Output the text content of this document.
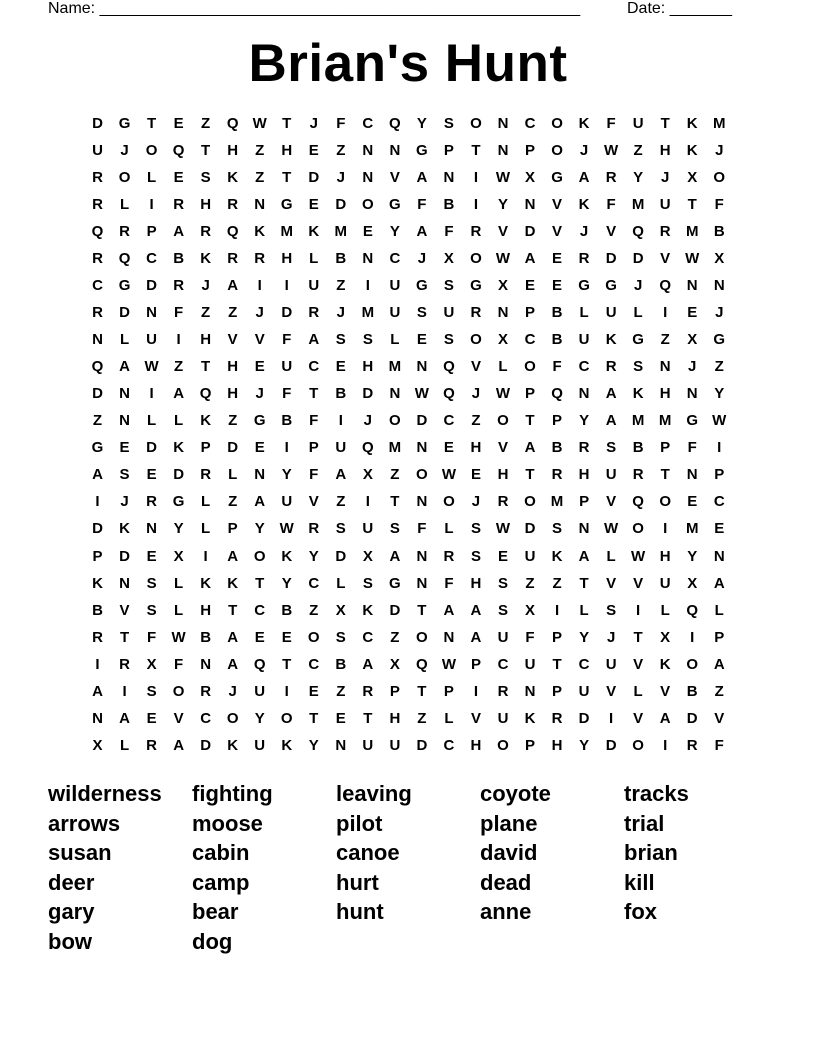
Name: ______________________________________________________	Date: _______
Brian's Hunt
D	G	T	E	Z	Q W	T	J	F	C	Q	Y	S	O	N	C	O	K	F	U	T	K	M
U	J	O	Q	T	H	Z	H	E	Z	N	N	G	P	T	N	P	O	J	W	Z	H	K	J
R	O	L	E	S	K	Z	T	D	J	N	V	A	N	I	W X	G	A	R	Y	J	X	O
R	L	I	R	H	R	N	G	E	D	O	G	F	B	I	Y	N	V	K	F	M	U	T	F
Q	R	P	A	R	Q	K	M	K	M	E	Y	A	F	R	V	D	V	J	V	Q	R	M	B
R	Q	C	B	K	R	R	H	L	B	N	C	J	X	O W A	E	R	D	D	V W X
C	G	D	R	J	A	I	I	U	Z	I	U	G	S	G	X	E	E	G	G	J	Q	N	N
R	D	N	F	Z	Z	J	D	R	J	M	U	S	U	R	N	P	B	L	U	L	I	E	J
N	L	U	I	H	V	V	F	A	S	S	L	E	S	O	X	C	B	U	K	G	Z	X	G
Q	A W	Z	T	H	E	U	C	E	H	M	N	Q	V	L	O	F	C	R	S	N	J	Z
D	N	I	A	Q	H	J	F	T	B	D	N W Q	J	W P	Q	N	A	K	H	N	Y
Z	N	L	L	K	Z	G	B	F	I	J	O	D	C	Z	O	T	P	Y	A	M M G W
G	E	D	K	P	D	E	I	P	U	Q M	N	E	H	V	A	B	R	S	B	P	F	I
A	S	E	D	R	L	N	Y	F	A	X	Z	O W E	H	T	R	H	U	R	T	N	P
I	J	R	G	L	Z	A	U	V	Z	I	T	N	O	J	R	O M	P	V	Q	O	E	C
D	K	N	Y	L	P	Y W R	S	U	S	F	L	S W D	S	N W O	I	M	E
P	D	E	X	I	A	O	K	Y	D	X	A	N	R	S	E	U	K	A	L	W H	Y	N
K	N	S	L	K	K	T	Y	C	L	S	G	N	F	H	S	Z	Z	T	V	V	U	X	A
B	V	S	L	H	T	C	B	Z	X	K	D	T	A	A	S	X	I	L	S	I	L	Q	L
R	T	F	W B	A	E	E	O	S	C	Z	O	N	A	U	F	P	Y	J	T	X	I	P
I	R	X	F	N	A	Q	T	C	B	A	X	Q W P	C	U	T	C	U	V	K	O	A
A	I	S	O	R	J	U	I	E	Z	R	P	T	P	I	R	N	P	U	V	L	V	B	Z
N	A	E	V	C	O	Y	O	T	E	T	H	Z	L	V	U	K	R	D	I	V	A	D	V
X	L	R	A	D	K	U	K	Y	N	U	U	D	C	H	O	P	H	Y	D	O	I	R	F
wilderness fighting	leaving	coyote	tracks
arrows	moose	pilot	plane	trial
susan	cabin	canoe	david	brian
deer	camp	hurt	dead	kill
gary	bear	hunt	anne	fox
bow	dog
